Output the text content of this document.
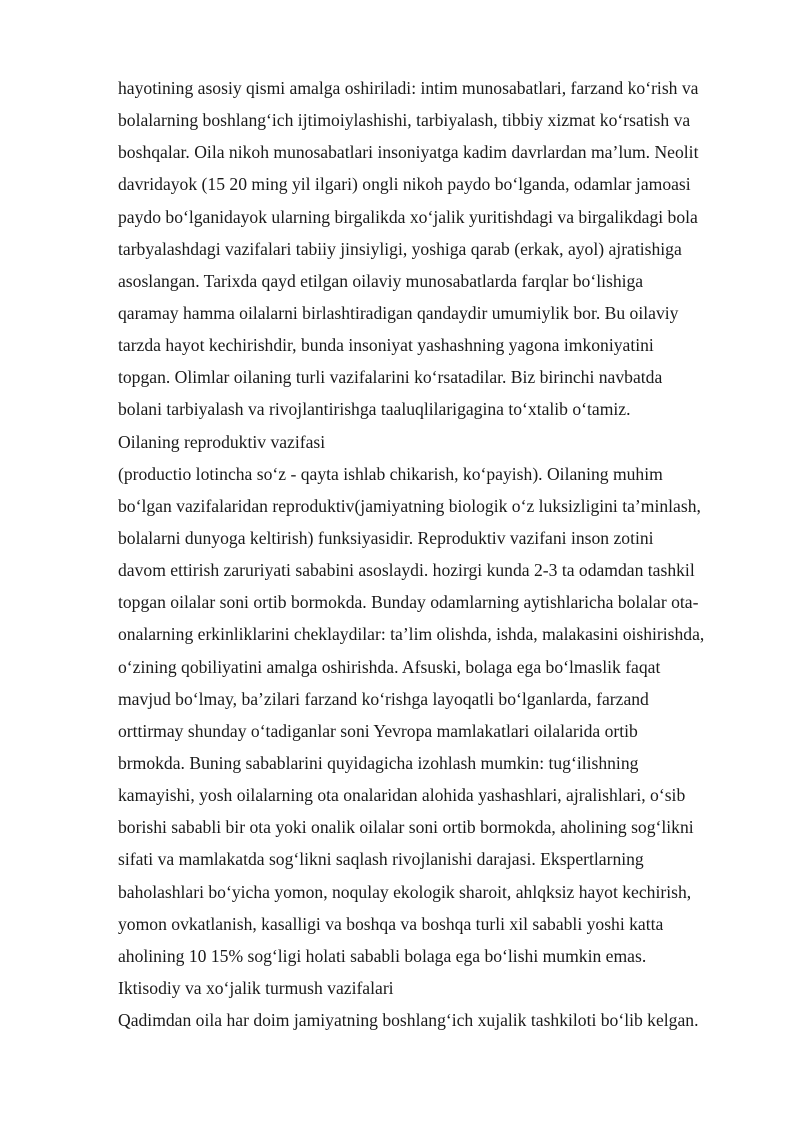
hayotining asosiy qismi amalga oshiriladi: intim munosabatlari, farzand ko‘rish va
bolalarning boshlang‘ich ijtimoiylashishi, tarbiyalash, tibbiy xizmat ko‘rsatish va
boshqalar. Oila nikoh munosabatlari insoniyatga kadim davrlardan ma’lum. Neolit
davridayok (15 20 ming yil ilgari) ongli nikoh paydo bo‘lganda, odamlar jamoasi
paydo bo‘lganidayok ularning birgalikda xo‘jalik yuritishdagi va birgalikdagi bola
tarbyalashdagi vazifalari tabiiy jinsiyligi, yoshiga qarab (erkak, ayol) ajratishiga
asoslangan. Tarixda qayd etilgan oilaviy munosabatlarda farqlar bo‘lishiga
qaramay hamma oilalarni birlashtiradigan qandaydir umumiylik bor. Bu oilaviy
tarzda hayot kechirishdir, bunda insoniyat yashashning yagona imkoniyatini
topgan. Olimlar oilaning turli vazifalarini ko‘rsatadilar. Biz birinchi navbatda
bolani tarbiyalash va rivojlantirishga taaluqlilarigagina to‘xtalib o‘tamiz.
Oilaning reproduktiv vazifasi
(productio lotincha so‘z - qayta ishlab chikarish, ko‘payish). Oilaning muhim
bo‘lgan vazifalaridan reproduktiv(jamiyatning biologik o‘z luksizligini ta’minlash,
bolalarni dunyoga keltirish) funksiyasidir. Reproduktiv vazifani inson zotini
davom ettirish zaruriyati sababini asoslaydi. hozirgi kunda 2-3 ta odamdan tashkil
topgan oilalar soni ortib bormokda. Bunday odamlarning aytishlaricha bolalar ota-
onalarning erkinliklarini cheklaydilar: ta’lim olishda, ishda, malakasini oishirishda,
o‘zining qobiliyatini amalga oshirishda. Afsuski, bolaga ega bo‘lmaslik faqat
mavjud bo‘lmay, ba’zilari farzand ko‘rishga layoqatli bo‘lganlarda, farzand
orttirmay shunday o‘tadiganlar soni Yevropa mamlakatlari oilalarida ortib
brmokda. Buning sabablarini quyidagicha izohlash mumkin: tug‘ilishning
kamayishi, yosh oilalarning ota onalaridan alohida yashashlari, ajralishlari, o‘sib
borishi sababli bir ota yoki onalik oilalar soni ortib bormokda, aholining sog‘likni
sifati va mamlakatda sog‘likni saqlash rivojlanishi darajasi. Ekspertlarning
baholashlari bo‘yicha yomon, noqulay ekologik sharoit, ahlqksiz hayot kechirish,
yomon ovkatlanish, kasalligi va boshqa va boshqa turli xil sababli yoshi katta
aholining 10 15% sog‘ligi holati sababli bolaga ega bo‘lishi mumkin emas.
Iktisodiy va xo‘jalik turmush vazifalari
Qadimdan oila har doim jamiyatning boshlang‘ich xujalik tashkiloti bo‘lib kelgan.
